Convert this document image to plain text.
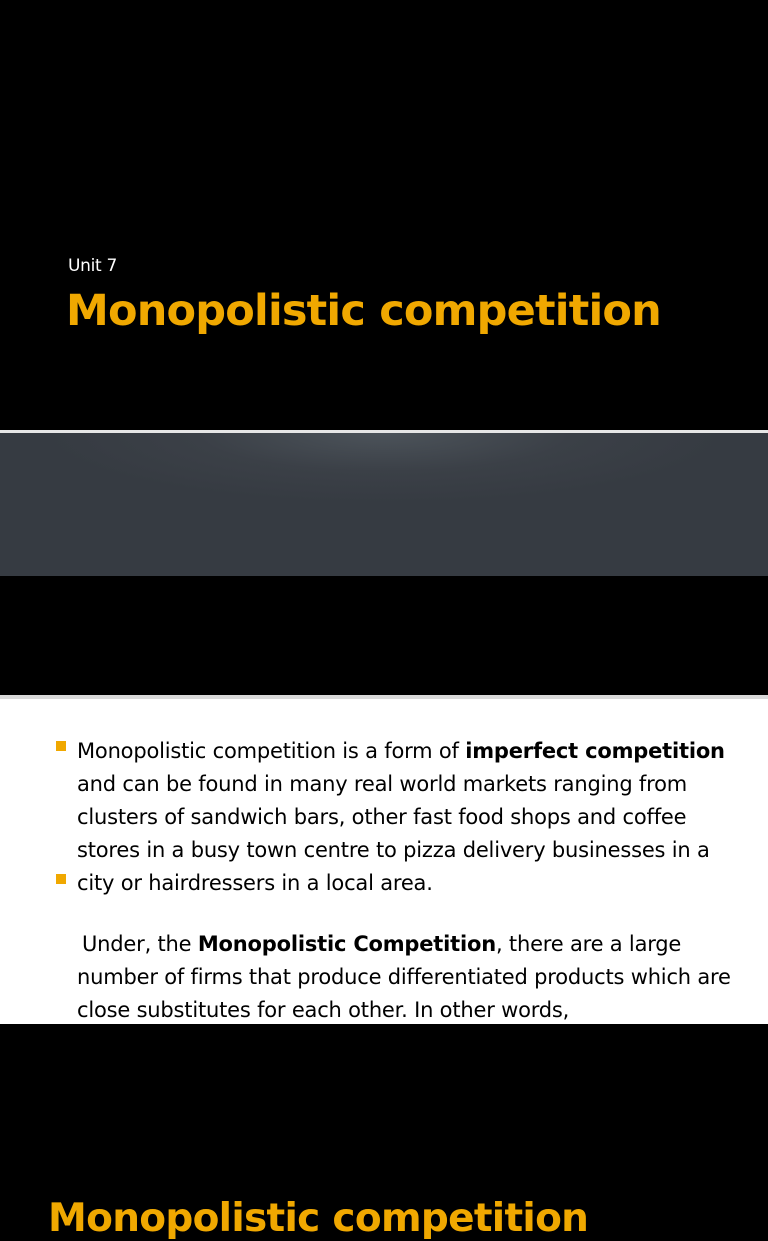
Unit 7
Monopolistic competition
Monopolistic competition
Monopolistic competition is a form of imperfect competition and can be found in many real world markets ranging from clusters of sandwich bars, other fast food shops and coffee stores in a busy town centre to pizza delivery businesses in a city or hairdressers in a local area.
Under, the Monopolistic Competition, there are a large number of firms that produce differentiated products which are close substitutes for each other. In other words,
